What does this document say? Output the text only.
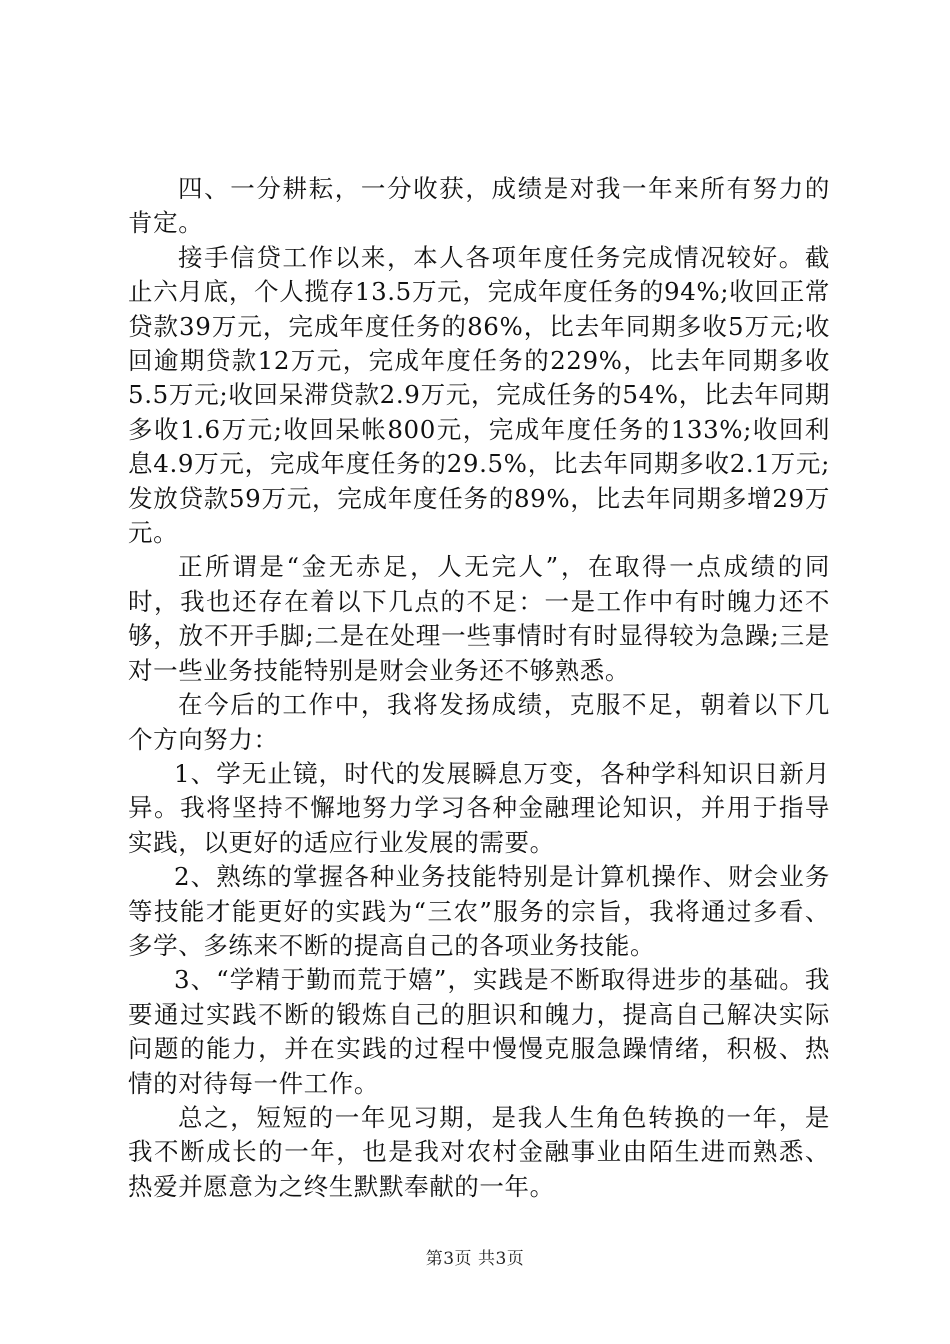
四、一分耕耘，一分收获，成绩是对我一年来所有努力的肯定。

接手信贷工作以来，本人各项年度任务完成情况较好。截止六月底，个人揽存13.5万元，完成年度任务的94%;收回正常贷款39万元，完成年度任务的86%，比去年同期多收5万元;收回逾期贷款12万元，完成年度任务的229%，比去年同期多收5.5万元;收回呆滞贷款2.9万元，完成任务的54%，比去年同期多收1.6万元;收回呆帐800元，完成年度任务的133%;收回利息4.9万元，完成年度任务的29.5%，比去年同期多收2.1万元;发放贷款59万元，完成年度任务的89%，比去年同期多增29万元。

正所谓是“金无赤足，人无完人”，在取得一点成绩的同时，我也还存在着以下几点的不足：一是工作中有时魄力还不够，放不开手脚;二是在处理一些事情时有时显得较为急躁;三是对一些业务技能特别是财会业务还不够熟悉。

在今后的工作中，我将发扬成绩，克服不足，朝着以下几个方向努力：

1、学无止镜，时代的发展瞬息万变，各种学科知识日新月异。我将坚持不懈地努力学习各种金融理论知识，并用于指导实践，以更好的适应行业发展的需要。

2、熟练的掌握各种业务技能特别是计算机操作、财会业务等技能才能更好的实践为“三农”服务的宗旨，我将通过多看、多学、多练来不断的提高自己的各项业务技能。

3、“学精于勤而荒于嬉”，实践是不断取得进步的基础。我要通过实践不断的锻炼自己的胆识和魄力，提高自己解决实际问题的能力，并在实践的过程中慢慢克服急躁情绪，积极、热情的对待每一件工作。

总之，短短的一年见习期，是我人生角色转换的一年，是我不断成长的一年，也是我对农村金融事业由陌生进而熟悉、热爱并愿意为之终生默默奉献的一年。

第3页 共3页
